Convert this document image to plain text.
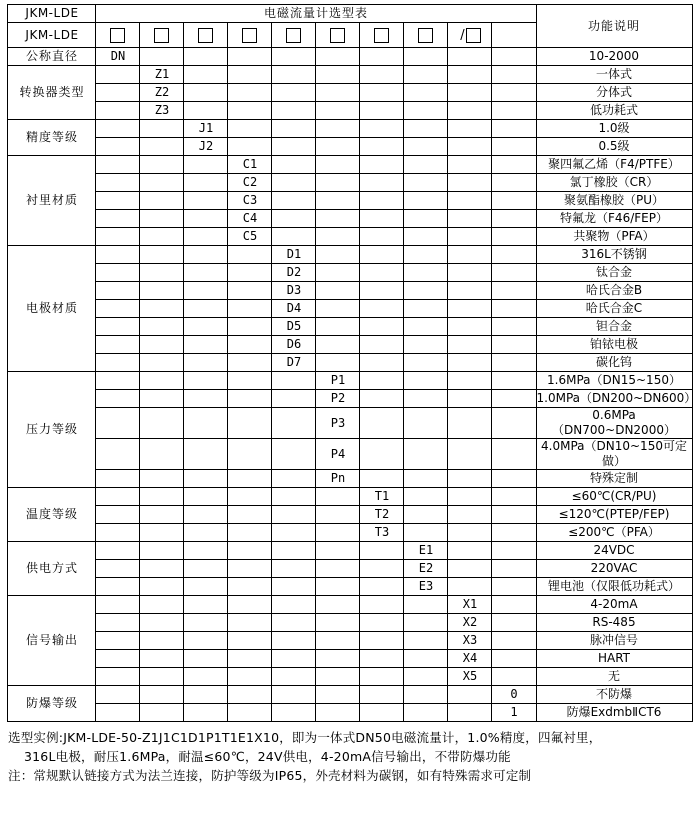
JKM-LDE	电磁流量计选型表										功能说明
JKM-LDE									/		

公称直径	DN										10-2000
转换器类型		Z1									一体式
		Z2									分体式
		Z3									低功耗式
精度等级			J1								1.0级
			J2								0.5级
衬里材质				C1							聚四氟乙烯（F4/PTFE）
				C2							氯丁橡胶（CR）
				C3							聚氨酯橡胶（PU）
				C4							特氟龙（F46/FEP）
				C5							共聚物（PFA）
电极材质					D1						316L不锈钢
					D2						钛合金
					D3						哈氏合金B
					D4						哈氏合金C
					D5						钽合金
					D6						铂铱电极
					D7						碳化钨
压力等级						P1					1.6MPa（DN15~150）
						P2					1.0MPa（DN200~DN600）
						P3					0.6MPa（DN700~DN2000）
						P4					4.0MPa（DN10~150可定做）
						Pn					特殊定制
温度等级							T1				≤60℃(CR/PU)
							T2				≤120℃(PTEP/FEP)
							T3				≤200℃（PFA）
供电方式								E1			24VDC
								E2			220VAC
								E3			锂电池（仅限低功耗式）
信号输出									X1		4-20mA
									X2		RS-485
									X3		脉冲信号
									X4		HART
									X5		无
防爆等级										0	不防爆
										1	防爆ExdmbⅡCT6
选型实例:JKM-LDE-50-Z1J1C1D1P1T1E1X10，即为一体式DN50电磁流量计，1.0%精度，四氟衬里，
316L电极，耐压1.6MPa，耐温≤60℃，24V供电，4-20mA信号输出，不带防爆功能
注：常规默认链接方式为法兰连接，防护等级为IP65，外壳材料为碳钢，如有特殊需求可定制
